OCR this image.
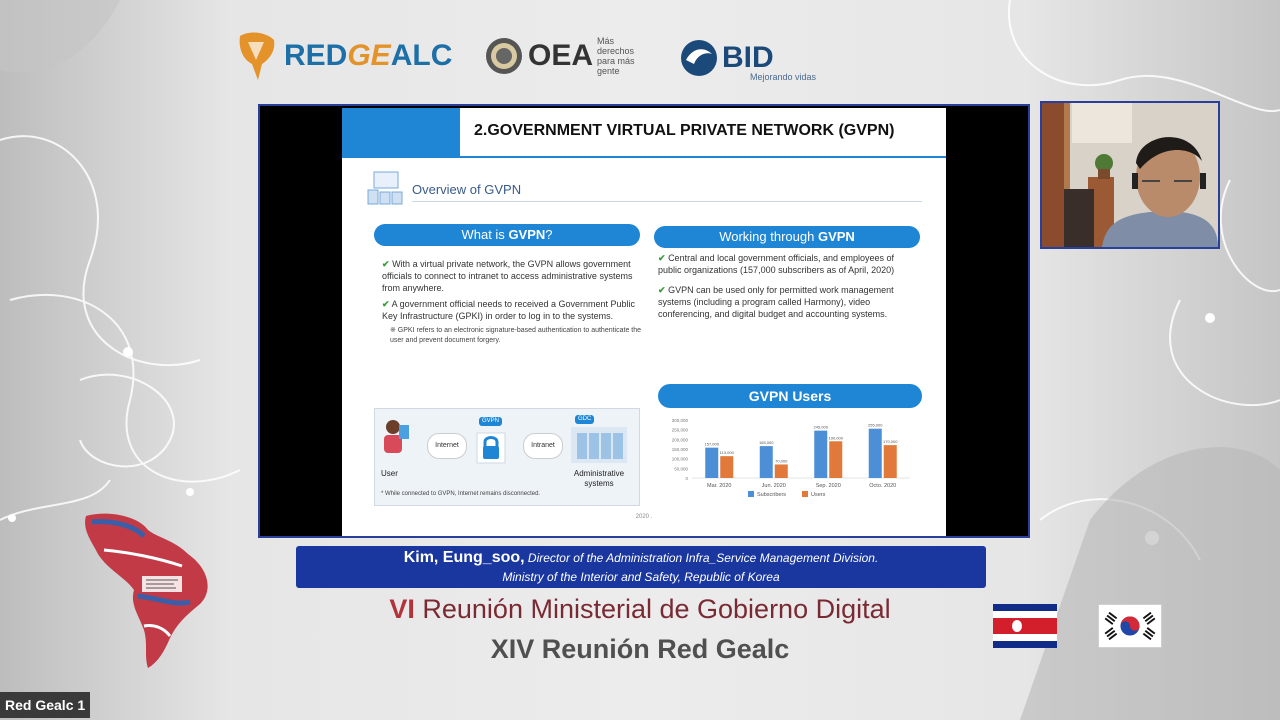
REDGEALC	OEA Más derechos para más gente	BID
Mejorando vidas
2.GOVERNMENT VIRTUAL PRIVATE NETWORK (GVPN)
Overview of GVPN
What is GVPN?	Working through GVPN
✔ With a virtual private network, the GVPN allows government officials to connect to intranet to access administrative systems from anywhere.
✔ A government official needs to received a Government Public Key Infrastructure (GPKI) in order to log in to the systems.
※ GPKI refers to an electronic signature-based authentication to authenticate the user and prevent document forgery.
✔ Central and local government officials, and employees of public organizations (157,000 subscribers as of April, 2020)
✔ GVPN can be used only for permitted work management systems (including a program called Harmony), video conferencing, and digital budget and accounting systems.
User
Internet
GVPN
Intranet
GDC
Administrative systems
* While connected to GVPN, Internet remains disconnected.
GVPN Users
300,000
250,000
200,000
150,000
100,000
50,000
0
157,000
113,000
Mar. 2020
165,000
70,000
Jun. 2020
245,000
190,000
Sep. 2020
255,000
170,000
Octo. 2020
Subscribers	Users
2020 .
Kim, Eung_soo, Director of the Administration Infra_Service Management Division.
Ministry of the Interior and Safety, Republic of Korea
VI Reunión Ministerial de Gobierno Digital
XIV Reunión Red Gealc
Red Gealc 1
